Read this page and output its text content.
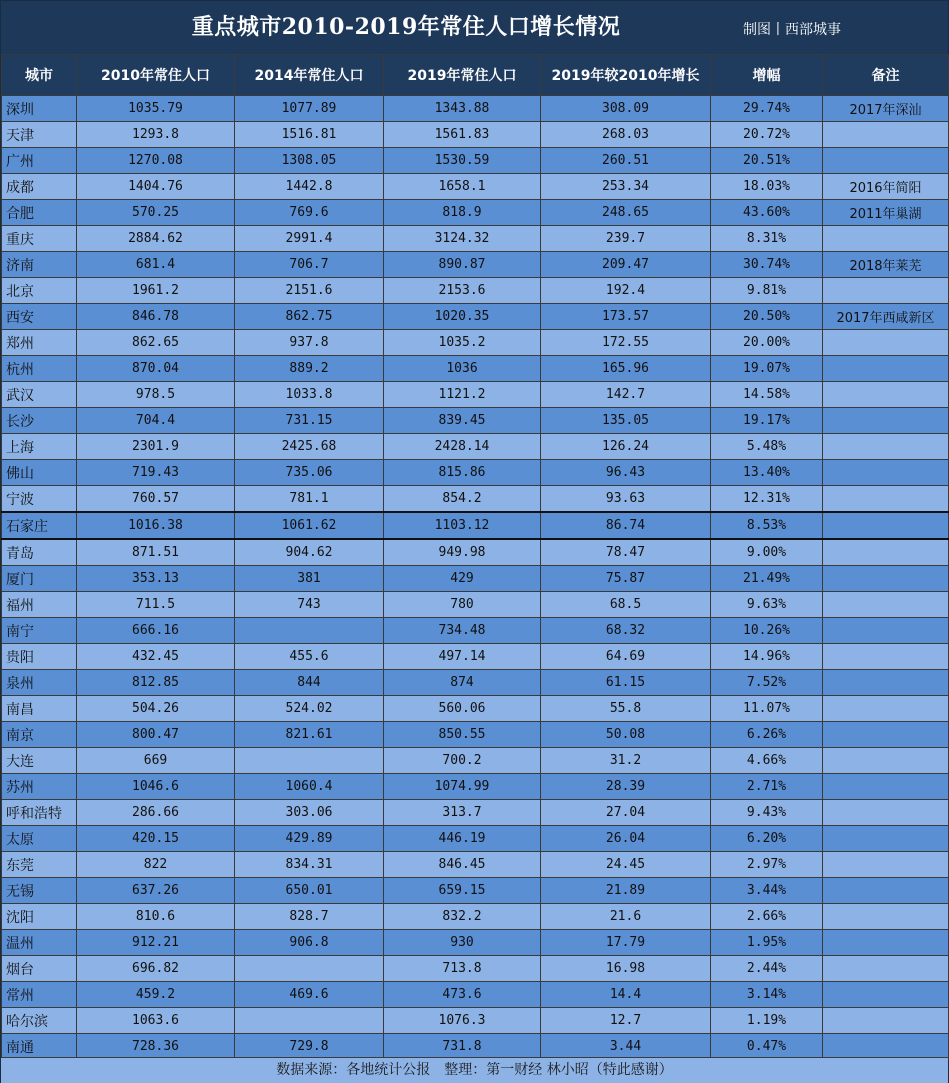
重点城市2010-2019年常住人口增长情况	制图丨西部城事
城市	2010年常住人口	2014年常住人口	2019年常住人口	2019年较2010年增长	增幅	备注
深圳	1035.79	1077.89	1343.88	308.09	29.74%	2017年深汕
天津	1293.8	1516.81	1561.83	268.03	20.72%	
广州	1270.08	1308.05	1530.59	260.51	20.51%	
成都	1404.76	1442.8	1658.1	253.34	18.03%	2016年简阳
合肥	570.25	769.6	818.9	248.65	43.60%	2011年巢湖
重庆	2884.62	2991.4	3124.32	239.7	8.31%	
济南	681.4	706.7	890.87	209.47	30.74%	2018年莱芜
北京	1961.2	2151.6	2153.6	192.4	9.81%	
西安	846.78	862.75	1020.35	173.57	20.50%	2017年西咸新区
郑州	862.65	937.8	1035.2	172.55	20.00%	
杭州	870.04	889.2	1036	165.96	19.07%	
武汉	978.5	1033.8	1121.2	142.7	14.58%	
长沙	704.4	731.15	839.45	135.05	19.17%	
上海	2301.9	2425.68	2428.14	126.24	5.48%	
佛山	719.43	735.06	815.86	96.43	13.40%	
宁波	760.57	781.1	854.2	93.63	12.31%	
石家庄	1016.38	1061.62	1103.12	86.74	8.53%	
青岛	871.51	904.62	949.98	78.47	9.00%	
厦门	353.13	381	429	75.87	21.49%	
福州	711.5	743	780	68.5	9.63%	
南宁	666.16		734.48	68.32	10.26%	
贵阳	432.45	455.6	497.14	64.69	14.96%	
泉州	812.85	844	874	61.15	7.52%	
南昌	504.26	524.02	560.06	55.8	11.07%	
南京	800.47	821.61	850.55	50.08	6.26%	
大连	669		700.2	31.2	4.66%	
苏州	1046.6	1060.4	1074.99	28.39	2.71%	
呼和浩特	286.66	303.06	313.7	27.04	9.43%	
太原	420.15	429.89	446.19	26.04	6.20%	
东莞	822	834.31	846.45	24.45	2.97%	
无锡	637.26	650.01	659.15	21.89	3.44%	
沈阳	810.6	828.7	832.2	21.6	2.66%	
温州	912.21	906.8	930	17.79	1.95%	
烟台	696.82		713.8	16.98	2.44%	
常州	459.2	469.6	473.6	14.4	3.14%	
哈尔滨	1063.6		1076.3	12.7	1.19%	
南通	728.36	729.8	731.8	3.44	0.47%	
数据来源：各地统计公报　整理：第一财经 林小昭（特此感谢）
